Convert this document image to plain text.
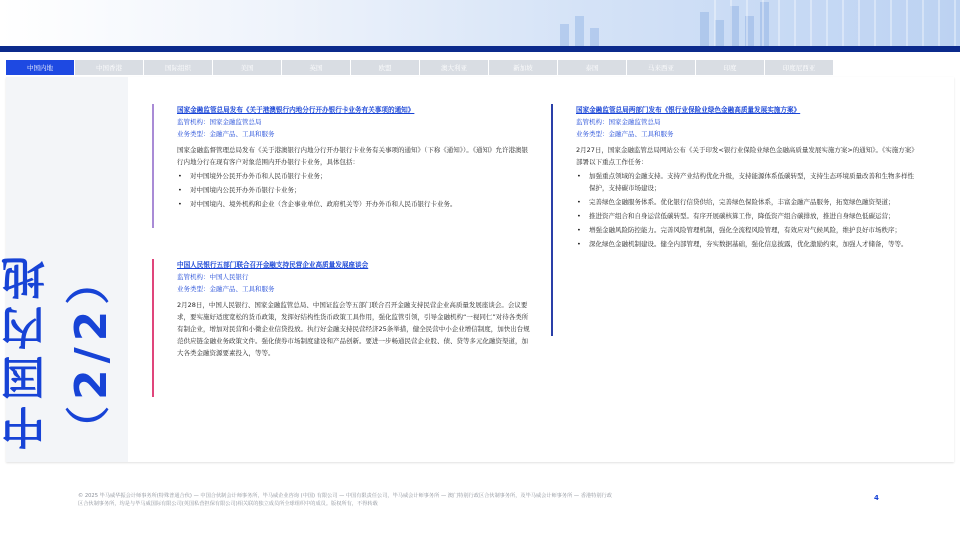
中国内地	中国香港	国际组织	美国	英国	欧盟	澳大利亚	新加坡	泰国	马来西亚	印度	印度尼西亚
中国内地（2/2）
国家金融监管总局发布《关于港澳银行内地分行开办银行卡业务有关事项的通知》
监管机构：国家金融监管总局
业务类型：金融产品、工具和服务
国家金融监督管理总局发布《关于港澳银行内地分行开办银行卡业务有关事项的通知》（下称《通知》）。《通知》允许港澳银行内地分行在现有客户对象范围内开办银行卡业务，具体包括：
• 对中国境外公民开办外币和人民币银行卡业务；
• 对中国境内公民开办外币银行卡业务；
• 对中国境内、境外机构和企业（含企事业单位、政府机关等）开办外币和人民币银行卡业务。
中国人民银行五部门联合召开金融支持民营企业高质量发展座谈会
监管机构：中国人民银行
业务类型：金融产品、工具和服务
2月28日，中国人民银行、国家金融监管总局、中国证监会等五部门联合召开金融支持民营企业高质量发展座谈会。会议要求，要实施好适度宽松的货币政策，发挥好结构性货币政策工具作用，强化监管引领，引导金融机构“一视同仁”对待各类所有制企业，增加对民营和小微企业信贷投放。执行好金融支持民营经济25条举措，健全民营中小企业增信制度，加快出台规范供应链金融业务政策文件。强化债券市场制度建设和产品创新。要进一步畅通民营企业股、债、贷等多元化融资渠道，加大各类金融资源要素投入，等等。
国家金融监管总局两部门发布《银行业保险业绿色金融高质量发展实施方案》
监管机构：国家金融监管总局
业务类型：金融产品、工具和服务
2月27日，国家金融监管总局网站公布《关于印发<银行业保险业绿色金融高质量发展实施方案>的通知》。《实施方案》部署以下重点工作任务：
• 加强重点领域的金融支持。支持产业结构优化升级，支持能源体系低碳转型，支持生态环境质量改善和生物多样性保护，支持碳市场建设；
• 完善绿色金融服务体系。优化银行信贷供给，完善绿色保险体系，丰富金融产品服务，拓宽绿色融资渠道；
• 推进资产组合和自身运营低碳转型。有序开展碳核算工作，降低资产组合碳排放，推进自身绿色低碳运营；
• 增强金融风险防控能力。完善风险管理机制，强化全流程风险管理，有效应对气候风险，维护良好市场秩序；
• 深化绿色金融机制建设。健全内部管理，夯实数据基础，强化信息披露，优化激励约束，加强人才储备，等等。
© 2025 毕马威华振会计师事务所(特殊普通合伙) — 中国合伙制会计师事务所，毕马威企业咨询 (中国) 有限公司 — 中国有限责任公司，毕马威会计师事务所 — 澳门特别行政区合伙制事务所，及毕马威会计师事务所 — 香港特别行政
区合伙制事务所，均是与毕马威国际有限公司(英国私营担保有限公司)相关联的独立成员所全球组织中的成员。版权所有，不得转载
4
